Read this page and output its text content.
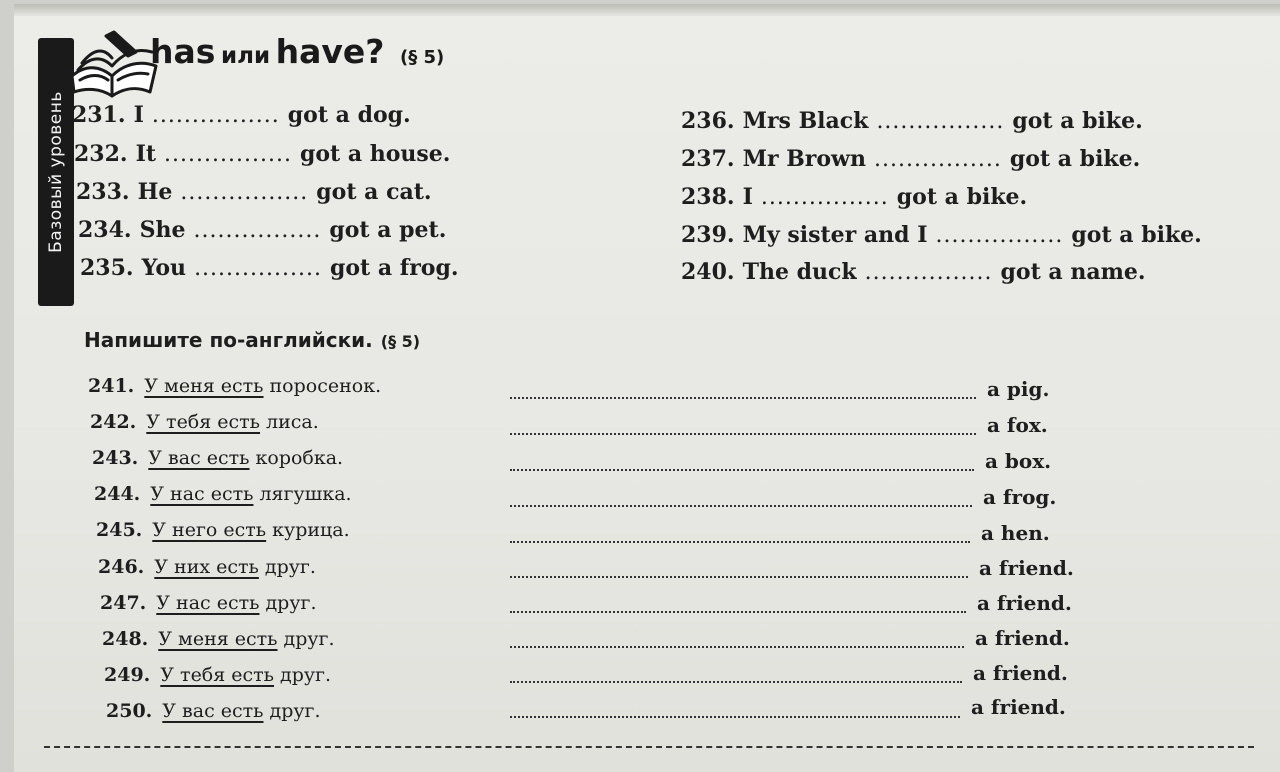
Базовый уровень
has или have? (§ 5)
231. I ................ got a dog.
232. It ................ got a house.
233. He ................ got a cat.
234. She ................ got a pet.
235. You ................ got a frog.
236. Mrs Black ................ got a bike.
237. Mr Brown ................ got a bike.
238. I ................ got a bike.
239. My sister and I ................ got a bike.
240. The duck ................ got a name.
Напишите по-английски. (§ 5)
241. У меня есть поросенок.	a pig.
242. У тебя есть лиса.	a fox.
243. У вас есть коробка.	a box.
244. У нас есть лягушка.	a frog.
245. У него есть курица.	a hen.
246. У них есть друг.	a friend.
247. У нас есть друг.	a friend.
248. У меня есть друг.	a friend.
249. У тебя есть друг.	a friend.
250. У вас есть друг.	a friend.
